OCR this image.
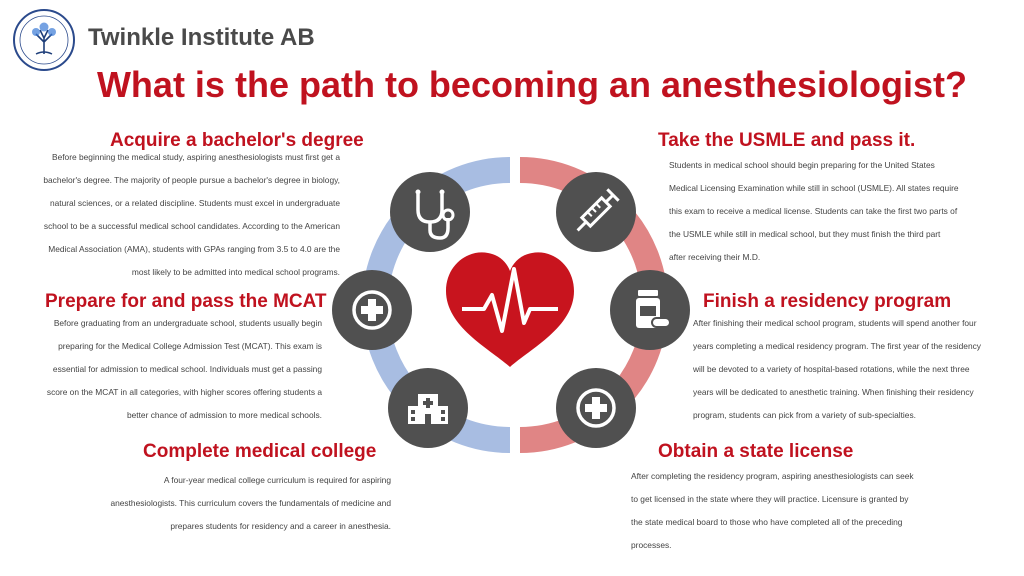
Twinkle Institute AB
What is the path to becoming an anesthesiologist?
Acquire a bachelor's degree
Before beginning the medical study, aspiring anesthesiologists must first get a
bachelor's degree. The majority of people pursue a bachelor's degree in biology,
natural sciences, or a related discipline. Students must excel in undergraduate
school to be a successful medical school candidates. According to the American
Medical Association (AMA), students with GPAs ranging from 3.5 to 4.0 are the
most likely to be admitted into medical school programs.
Prepare for and pass the MCAT
Before graduating from an undergraduate school, students usually begin
preparing for the Medical College Admission Test (MCAT). This exam is
essential for admission to medical school. Individuals must get a passing
score on the MCAT in all categories, with higher scores offering students a
better chance of admission to more medical schools.
Complete medical college
A four-year medical college curriculum is required for aspiring
anesthesiologists. This curriculum covers the fundamentals of medicine and
prepares students for residency and a career in anesthesia.
Take the USMLE and pass it.
Students in medical school should begin preparing for the United States
Medical Licensing Examination while still in school (USMLE). All states require
this exam to receive a medical license. Students can take the first two parts of
the USMLE while still in medical school, but they must finish the third part
after receiving their M.D.
Finish a residency program
After finishing their medical school program, students will spend another four
years completing a medical residency program. The first year of the residency
will be devoted to a variety of hospital-based rotations, while the next three
years will be dedicated to anesthetic training. When finishing their residency
program, students can pick from a variety of sub-specialties.
Obtain a state license
After completing the residency program, aspiring anesthesiologists can seek
to get licensed in the state where they will practice. Licensure is granted by
the state medical board to those who have completed all of the preceding
processes.
